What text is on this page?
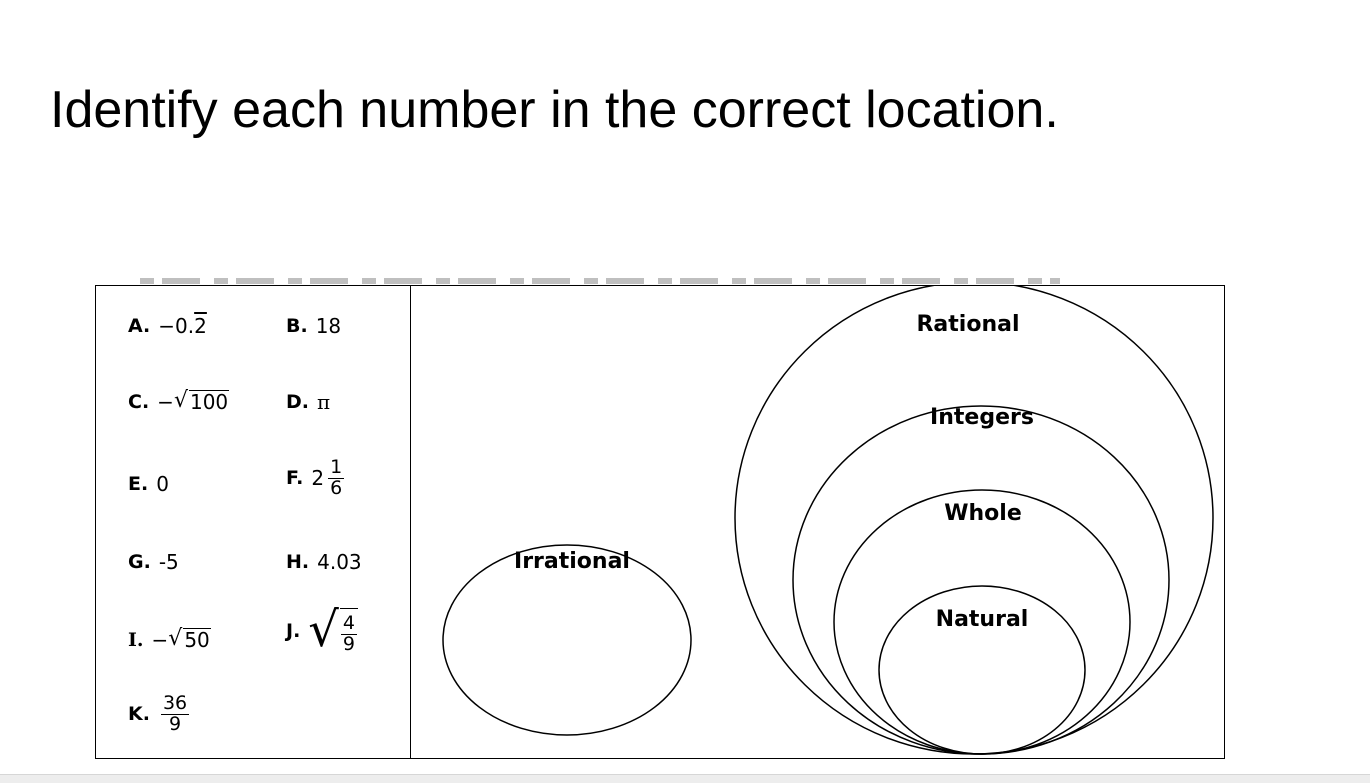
Identify each number in the correct location.
A. − 0. 2	B. 18
C. − √ 100	D. π
E. 0	F. $2 \frac{1}{6}$
G. -5	H. 4.03
I. − √ 50	J. √ $\frac{4}{9}$
K. $\frac{36}{9}$
Irrational
Rational
Integers
Whole
Natural
